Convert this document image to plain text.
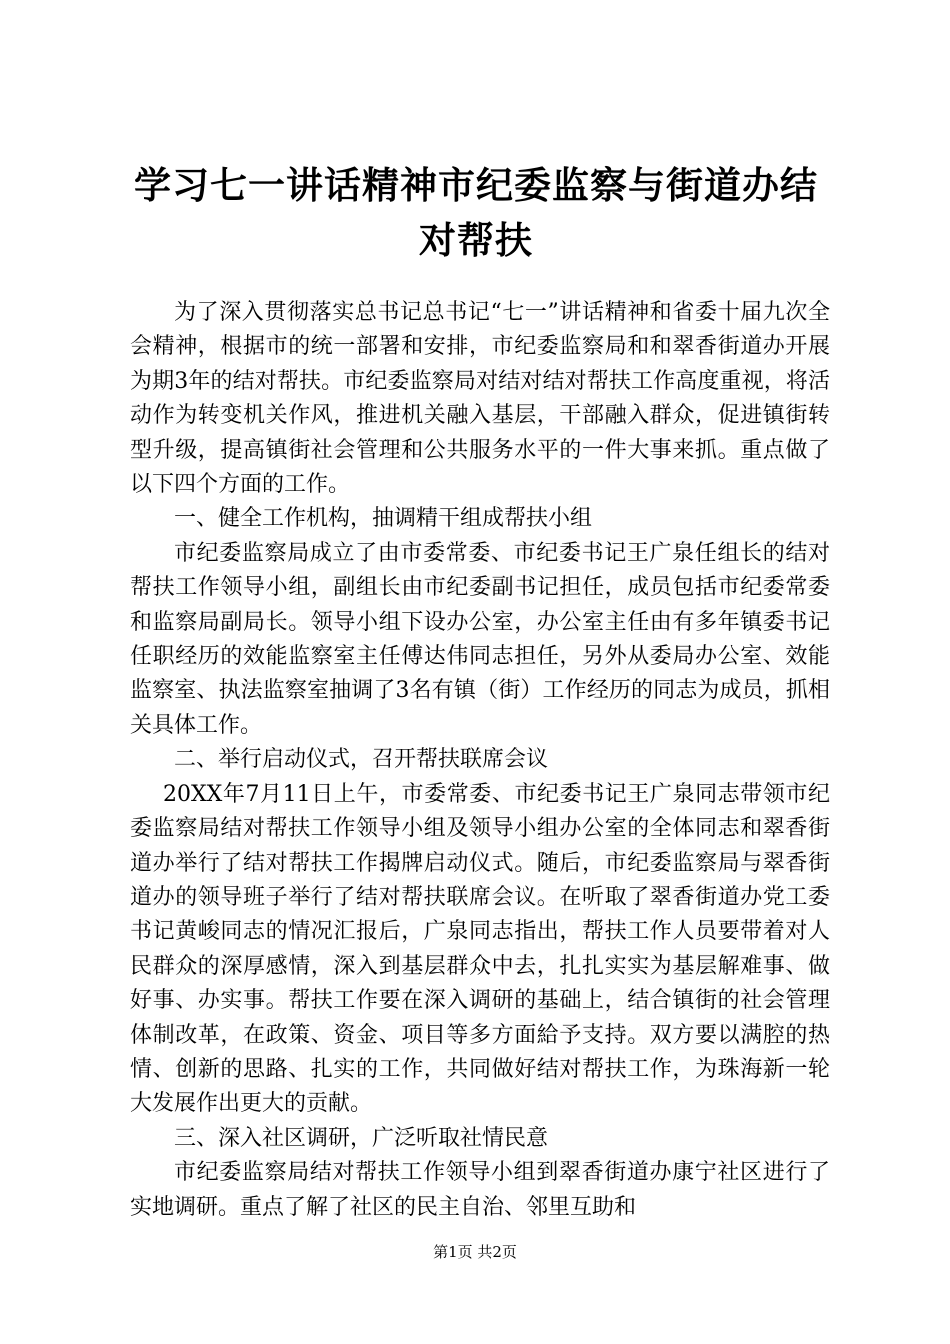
学习七一讲话精神市纪委监察与街道办结对帮扶

为了深入贯彻落实总书记总书记“七一”讲话精神和省委十届九次全会精神，根据市的统一部署和安排，市纪委监察局和和翠香街道办开展为期3年的结对帮扶。市纪委监察局对结对结对帮扶工作高度重视，将活动作为转变机关作风，推进机关融入基层，干部融入群众，促进镇街转型升级，提高镇街社会管理和公共服务水平的一件大事来抓。重点做了以下四个方面的工作。

一、健全工作机构，抽调精干组成帮扶小组

市纪委监察局成立了由市委常委、市纪委书记王广泉任组长的结对帮扶工作领导小组，副组长由市纪委副书记担任，成员包括市纪委常委和监察局副局长。领导小组下设办公室，办公室主任由有多年镇委书记任职经历的效能监察室主任傅达伟同志担任，另外从委局办公室、效能监察室、执法监察室抽调了3名有镇（街）工作经历的同志为成员，抓相关具体工作。

二、举行启动仪式，召开帮扶联席会议

20XX年7月11日上午，市委常委、市纪委书记王广泉同志带领市纪委监察局结对帮扶工作领导小组及领导小组办公室的全体同志和翠香街道办举行了结对帮扶工作揭牌启动仪式。随后，市纪委监察局与翠香街道办的领导班子举行了结对帮扶联席会议。在听取了翠香街道办党工委书记黄峻同志的情况汇报后，广泉同志指出，帮扶工作人员要带着对人民群众的深厚感情，深入到基层群众中去，扎扎实实为基层解难事、做好事、办实事。帮扶工作要在深入调研的基础上，结合镇街的社会管理体制改革，在政策、资金、项目等多方面給予支持。双方要以满腔的热情、创新的思路、扎实的工作，共同做好结对帮扶工作，为珠海新一轮大发展作出更大的贡献。

三、深入社区调研，广泛听取社情民意

市纪委监察局结对帮扶工作领导小组到翠香街道办康宁社区进行了实地调研。重点了解了社区的民主自治、邻里互助和

第1页 共2页
